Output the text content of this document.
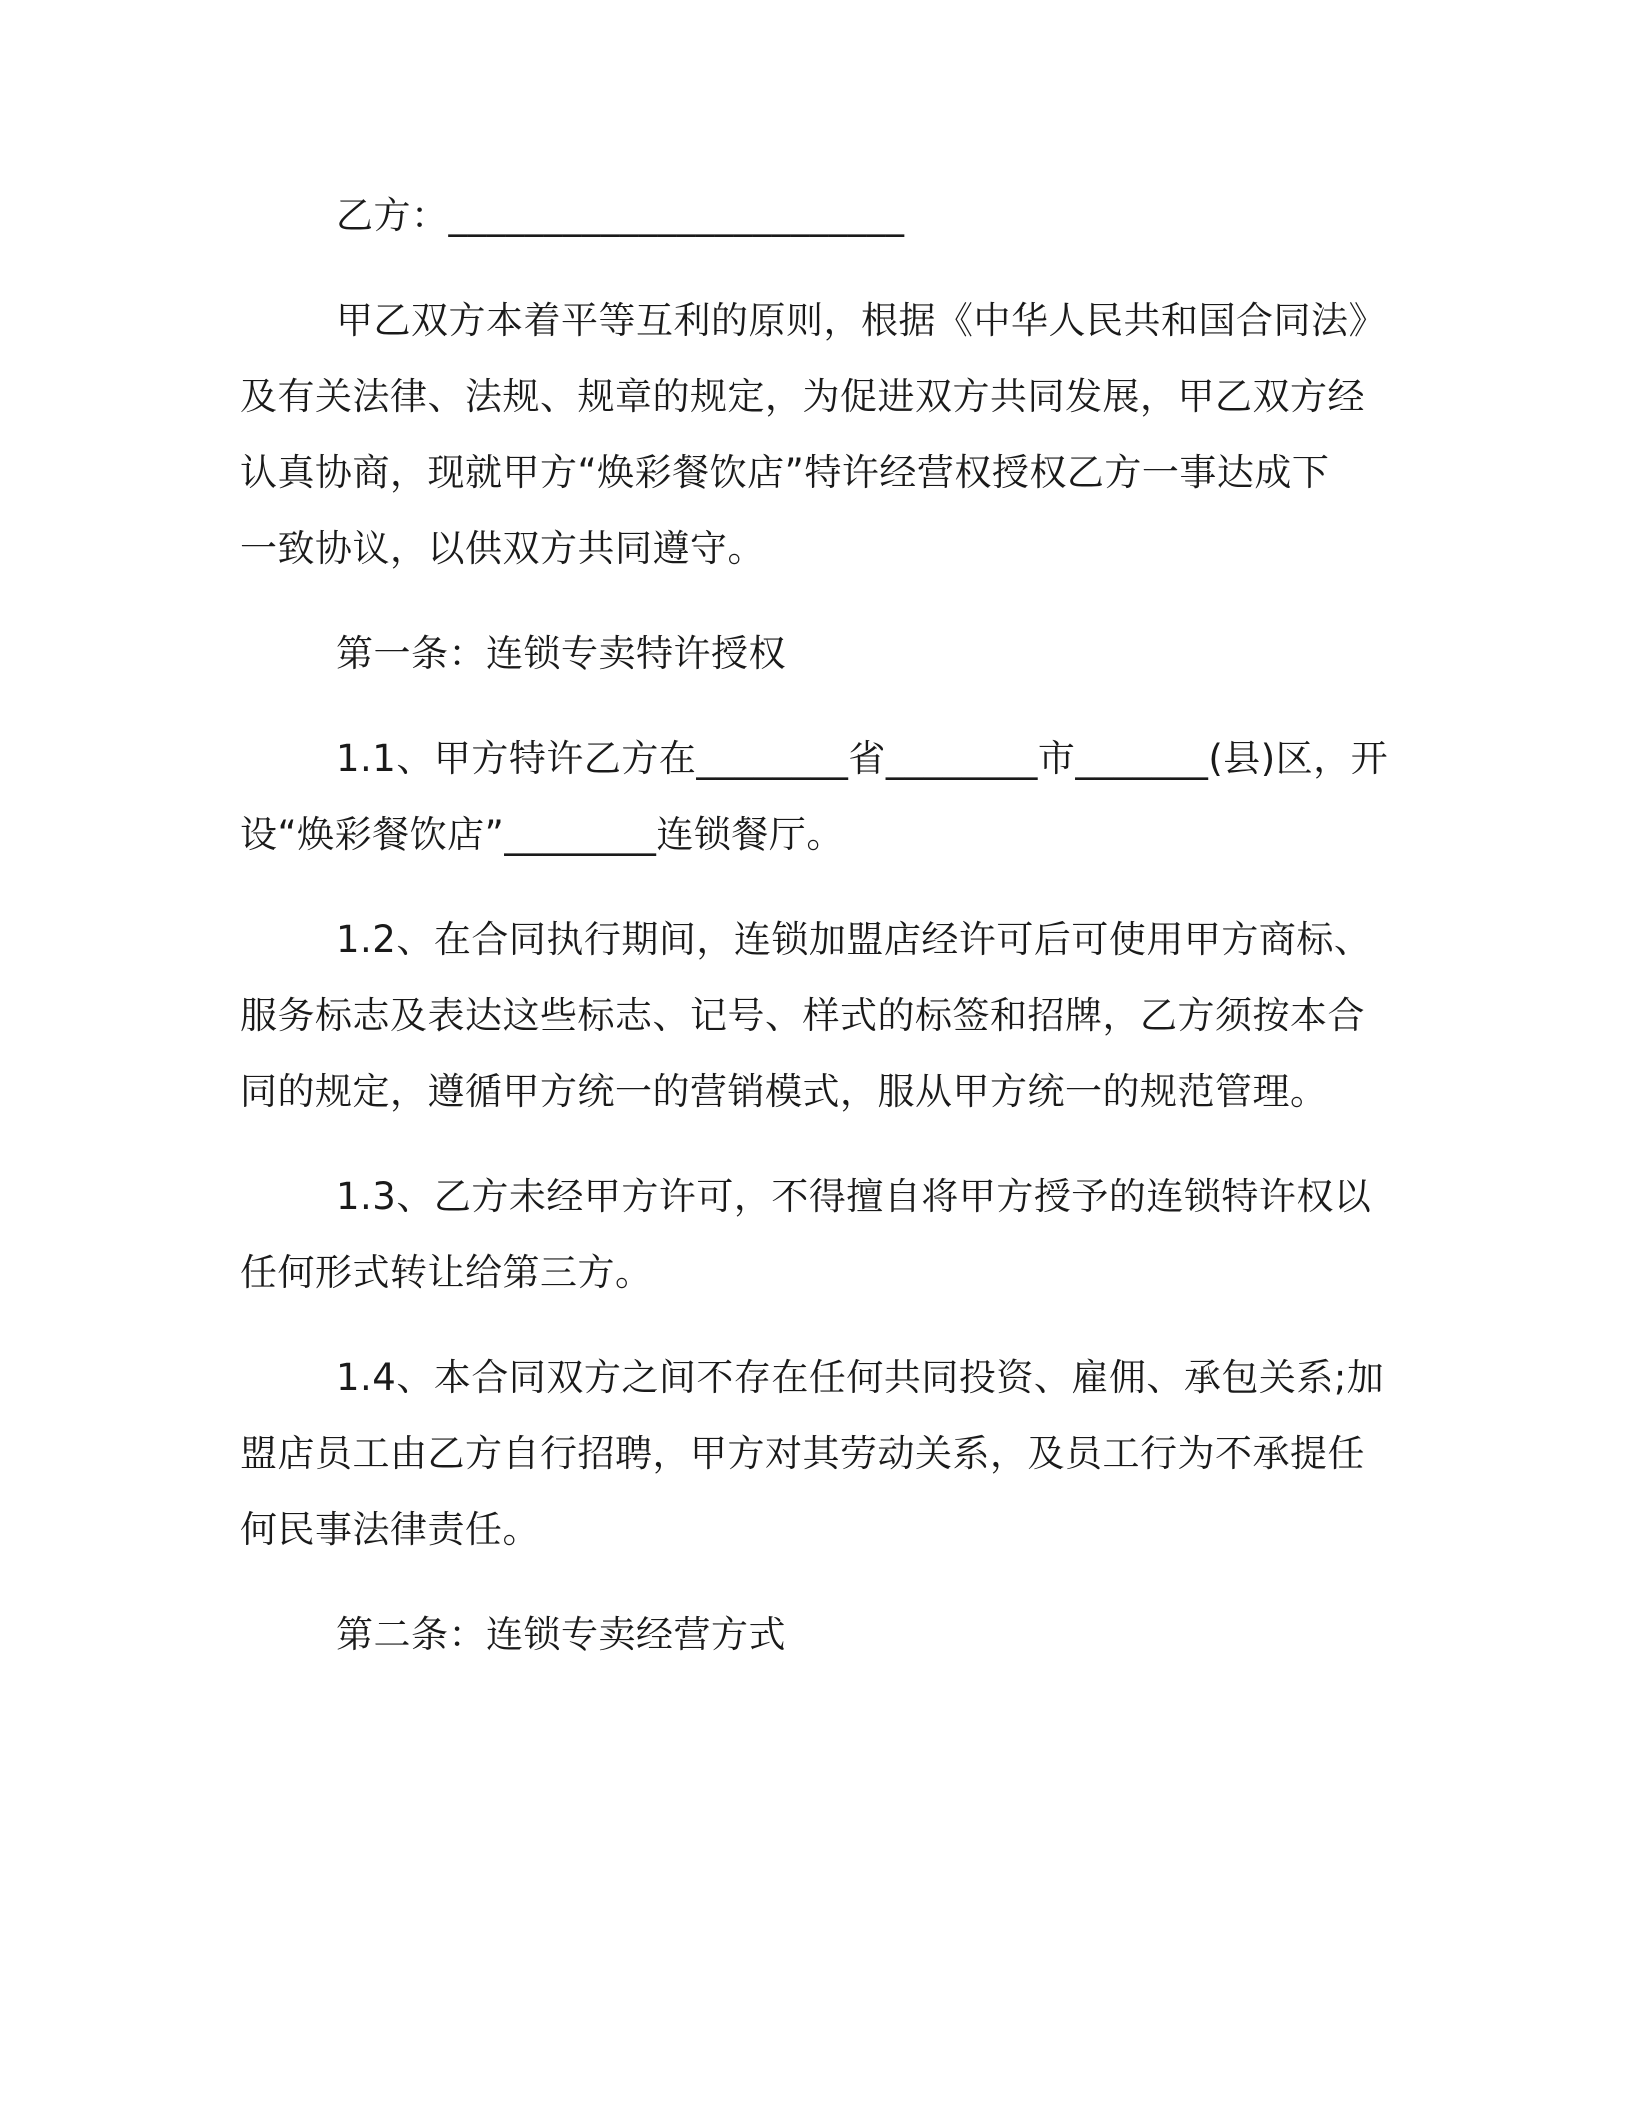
乙方：________________________
甲乙双方本着平等互利的原则，根据《中华人民共和国合同法》
及有关法律、法规、规章的规定，为促进双方共同发展，甲乙双方经
认真协商，现就甲方“焕彩餐饮店”特许经营权授权乙方一事达成下
一致协议，以供双方共同遵守。
第一条：连锁专卖特许授权
1.1、甲方特许乙方在________省________市_______(县)区，开
设“焕彩餐饮店”________连锁餐厅。
1.2、在合同执行期间，连锁加盟店经许可后可使用甲方商标、
服务标志及表达这些标志、记号、样式的标签和招牌，乙方须按本合
同的规定，遵循甲方统一的营销模式，服从甲方统一的规范管理。
1.3、乙方未经甲方许可，不得擅自将甲方授予的连锁特许权以
任何形式转让给第三方。
1.4、本合同双方之间不存在任何共同投资、雇佣、承包关系;加
盟店员工由乙方自行招聘，甲方对其劳动关系，及员工行为不承提任
何民事法律责任。
第二条：连锁专卖经营方式
